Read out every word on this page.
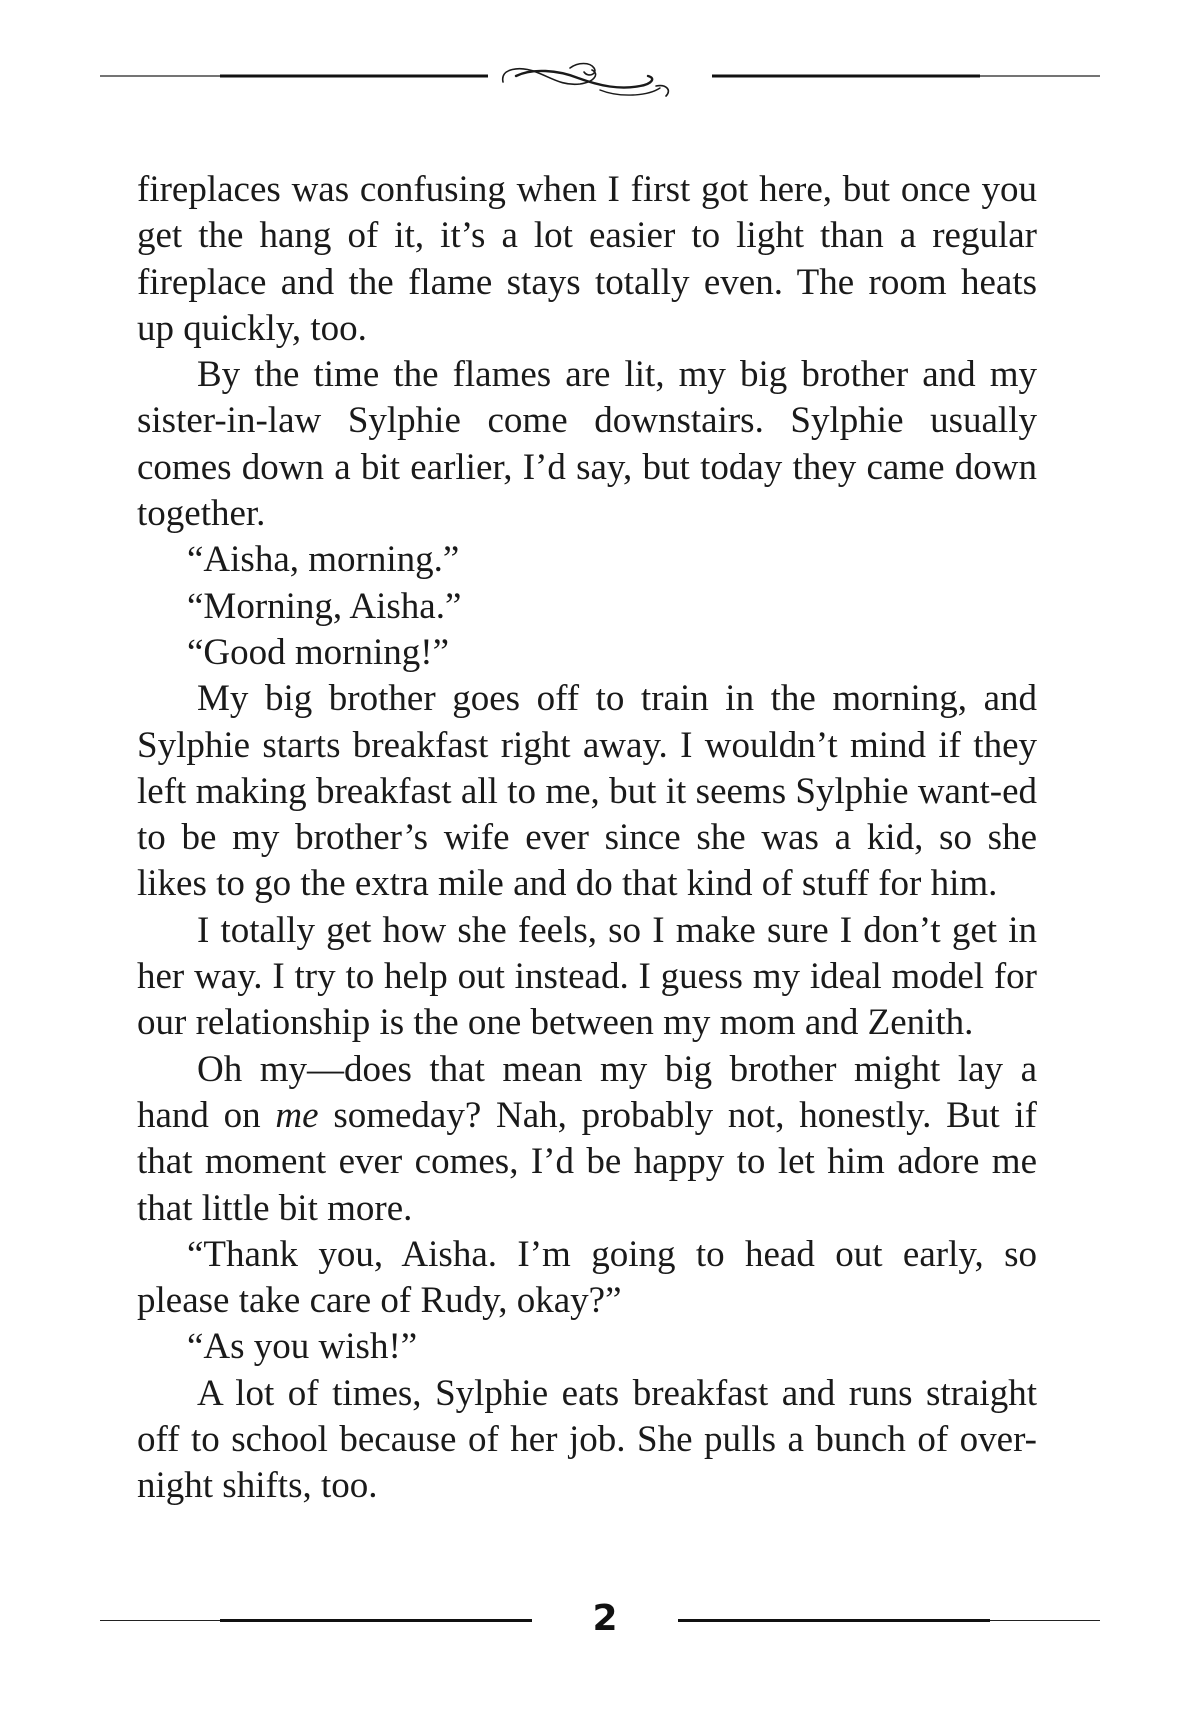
fireplaces was confusing when I first got here, but once you get the hang of it, it’s a lot easier to light than a regular fireplace and the flame stays totally even. The room heats up quickly, too.

By the time the flames are lit, my big brother and my sister-in-law Sylphie come downstairs. Sylphie usually comes down a bit earlier, I’d say, but today they came down together.

“Aisha, morning.”

“Morning, Aisha.”

“Good morning!”

My big brother goes off to train in the morning, and Sylphie starts breakfast right away. I wouldn’t mind if they left making breakfast all to me, but it seems Sylphie want-ed to be my brother’s wife ever since she was a kid, so she likes to go the extra mile and do that kind of stuff for him.

I totally get how she feels, so I make sure I don’t get in her way. I try to help out instead. I guess my ideal model for our relationship is the one between my mom and Zenith.

Oh my—does that mean my big brother might lay a hand on me someday? Nah, probably not, honestly. But if that moment ever comes, I’d be happy to let him adore me that little bit more.

“Thank you, Aisha. I’m going to head out early, so please take care of Rudy, okay?”

“As you wish!”

A lot of times, Sylphie eats breakfast and runs straight off to school because of her job. She pulls a bunch of over-night shifts, too.

2
